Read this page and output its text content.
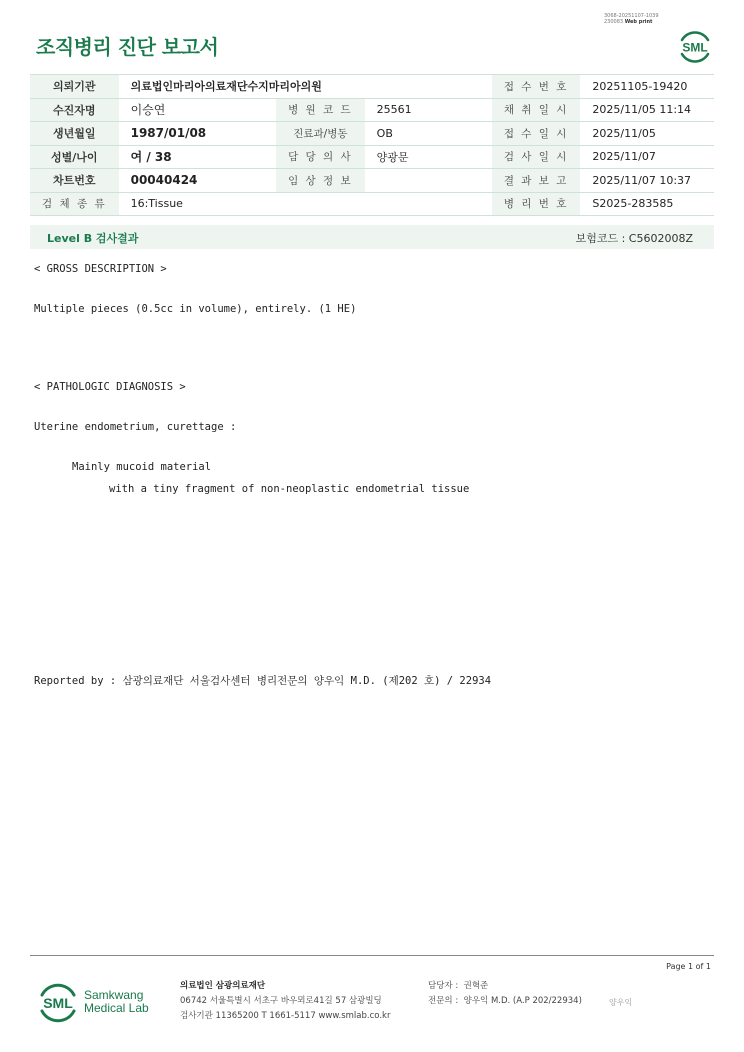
3068-20251107-1039
230083 Web print
조직병리 진단 보고서	SML
의뢰기관	의료법인마리아의료재단수지마리아의원			접 수 번 호	20251105-19420
수진자명	이승연	병 원 코 드	25561	채 취 일 시	2025/11/05 11:14
생년월일	1987/01/08	진료과/병동	OB	접 수 일 시	2025/11/05
성별/나이	여 / 38	담 당 의 사	양광문	검 사 일 시	2025/11/07
차트번호	00040424	임 상 정 보		결 과 보 고	2025/11/07 10:37
검 체 종 류	16:Tissue			병 리 번 호	S2025-283585
Level B 검사결과	보험코드 : C5602008Z
< GROSS DESCRIPTION >
Multiple pieces (0.5cc in volume), entirely. (1 HE)
< PATHOLOGIC DIAGNOSIS >
Uterine endometrium, curettage :
Mainly mucoid material
with a tiny fragment of non-neoplastic endometrial tissue
Reported by : 삼광의료재단 서울검사센터 병리전문의 양우익 M.D. (제202 호) / 22934
Page 1 of 1
SML Samkwang
Medical Lab
의료법인 삼광의료재단
06742 서울특별시 서초구 바우뫼로41길 57 삼광빌딩
검사기관 11365200 T 1661-5117 www.smlab.co.kr
담당자 : 권혁준
전문의 : 양우익 M.D. (A.P 202/22934)	양우익
